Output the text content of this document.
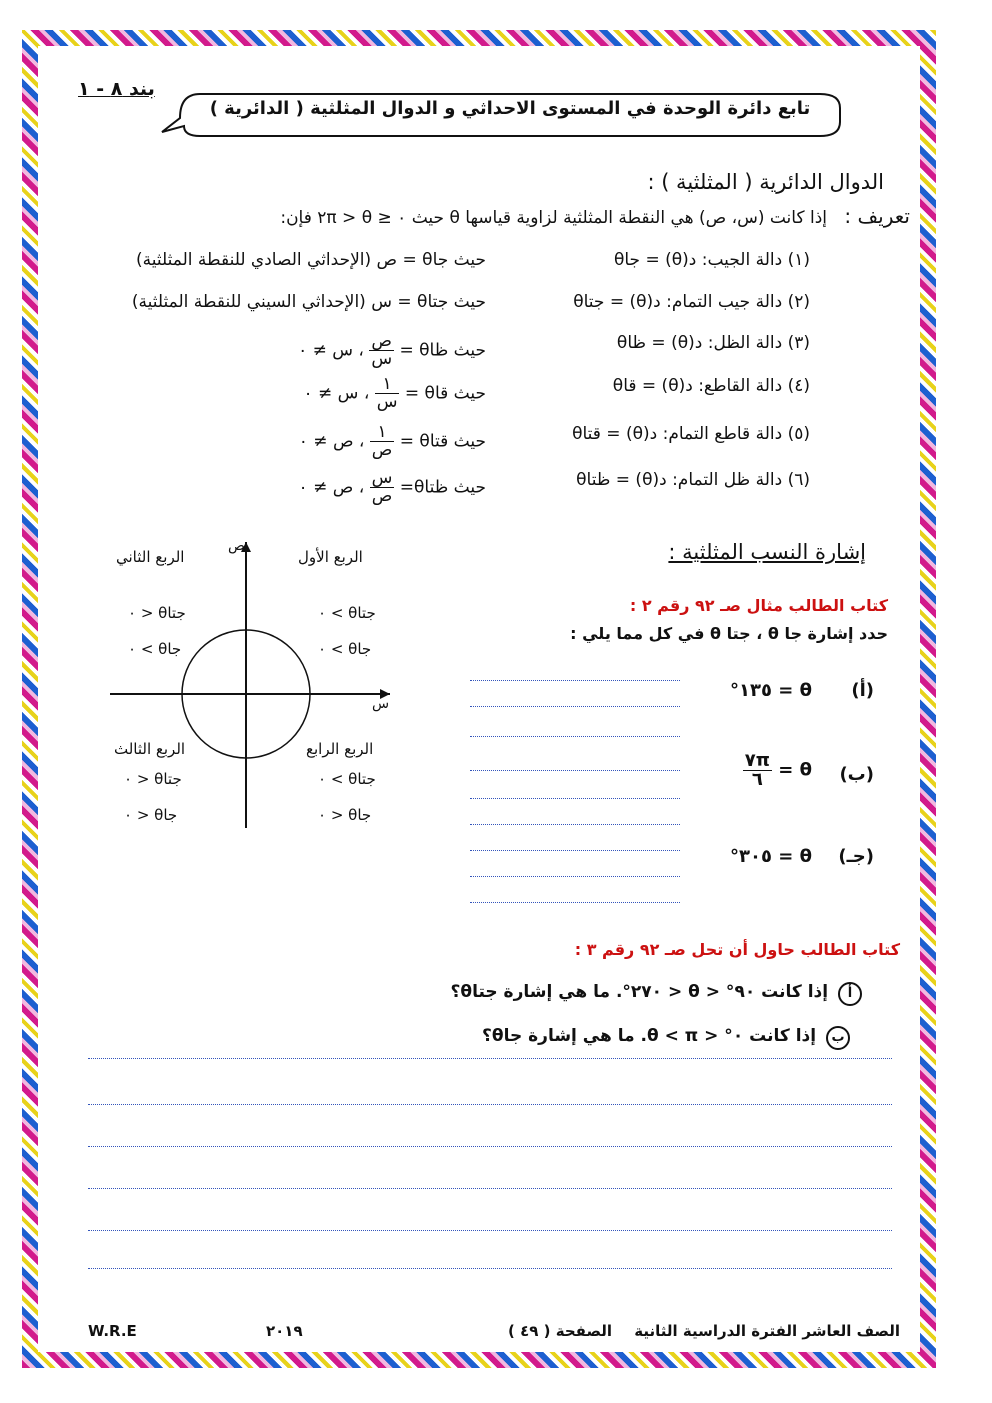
بند ٨ - ١
تابع دائرة الوحدة في المستوى الاحداثي و الدوال المثلثية ( الدائرية )
الدوال الدائرية ( المثلثية ) :
تعريف :
إذا كانت (س، ص) هي النقطة المثلثية لزاوية قياسها θ حيث ٠ ≤ θ < ٢π فإن:
(١) دالة الجيب: د(θ) = جاθ
حيث جاθ = ص (الإحداثي الصادي للنقطة المثلثية)
(٢) دالة جيب التمام: د(θ) = جتاθ
حيث جتاθ = س (الإحداثي السيني للنقطة المثلثية)
(٣) دالة الظل: د(θ) = ظاθ
حيث ظاθ =
$\frac{\text{ص}}{\text{س}}$
، س ≠ ٠
(٤) دالة القاطع: د(θ) = قاθ
حيث قاθ =
$\frac{١}{\text{س}}$
، س ≠ ٠
(٥) دالة قاطع التمام: د(θ) = قتاθ
حيث قتاθ =
$\frac{١}{\text{ص}}$
، ص ≠ ٠
(٦) دالة ظل التمام: د(θ) = ظتاθ
حيث ظتاθ=
$\frac{\text{س}}{\text{ص}}$
، ص ≠ ٠
إشارة النسب المثلثية :
كتاب الطالب مثال صـ ٩٢ رقم ٢ :
حدد إشارة جا θ ، جتا θ في كل مما يلي :
(أ)
θ = ١٣٥°
(ب)
θ =
$\frac{٧\pi}{٦}$
(جـ)
θ = ٣٠٥°
ص
س
الربع الأول
جتاθ > ٠
جاθ > ٠
الربع الثاني
جتاθ < ٠
جاθ > ٠
الربع الثالث
جتاθ < ٠
جاθ < ٠
الربع الرابع
جتاθ > ٠
جاθ < ٠
كتاب الطالب حاول أن تحل صـ ٩٢ رقم ٣ :
أ إذا كانت ٩٠° < θ < ٢٧٠°. ما هي إشارة جتاθ؟
ب إذا كانت ٠° < θ < π. ما هي إشارة جاθ؟
الصف العاشر الفترة الدراسية الثانية
الصفحة ( ٤٩ )
٢٠١٩
W.R.E
